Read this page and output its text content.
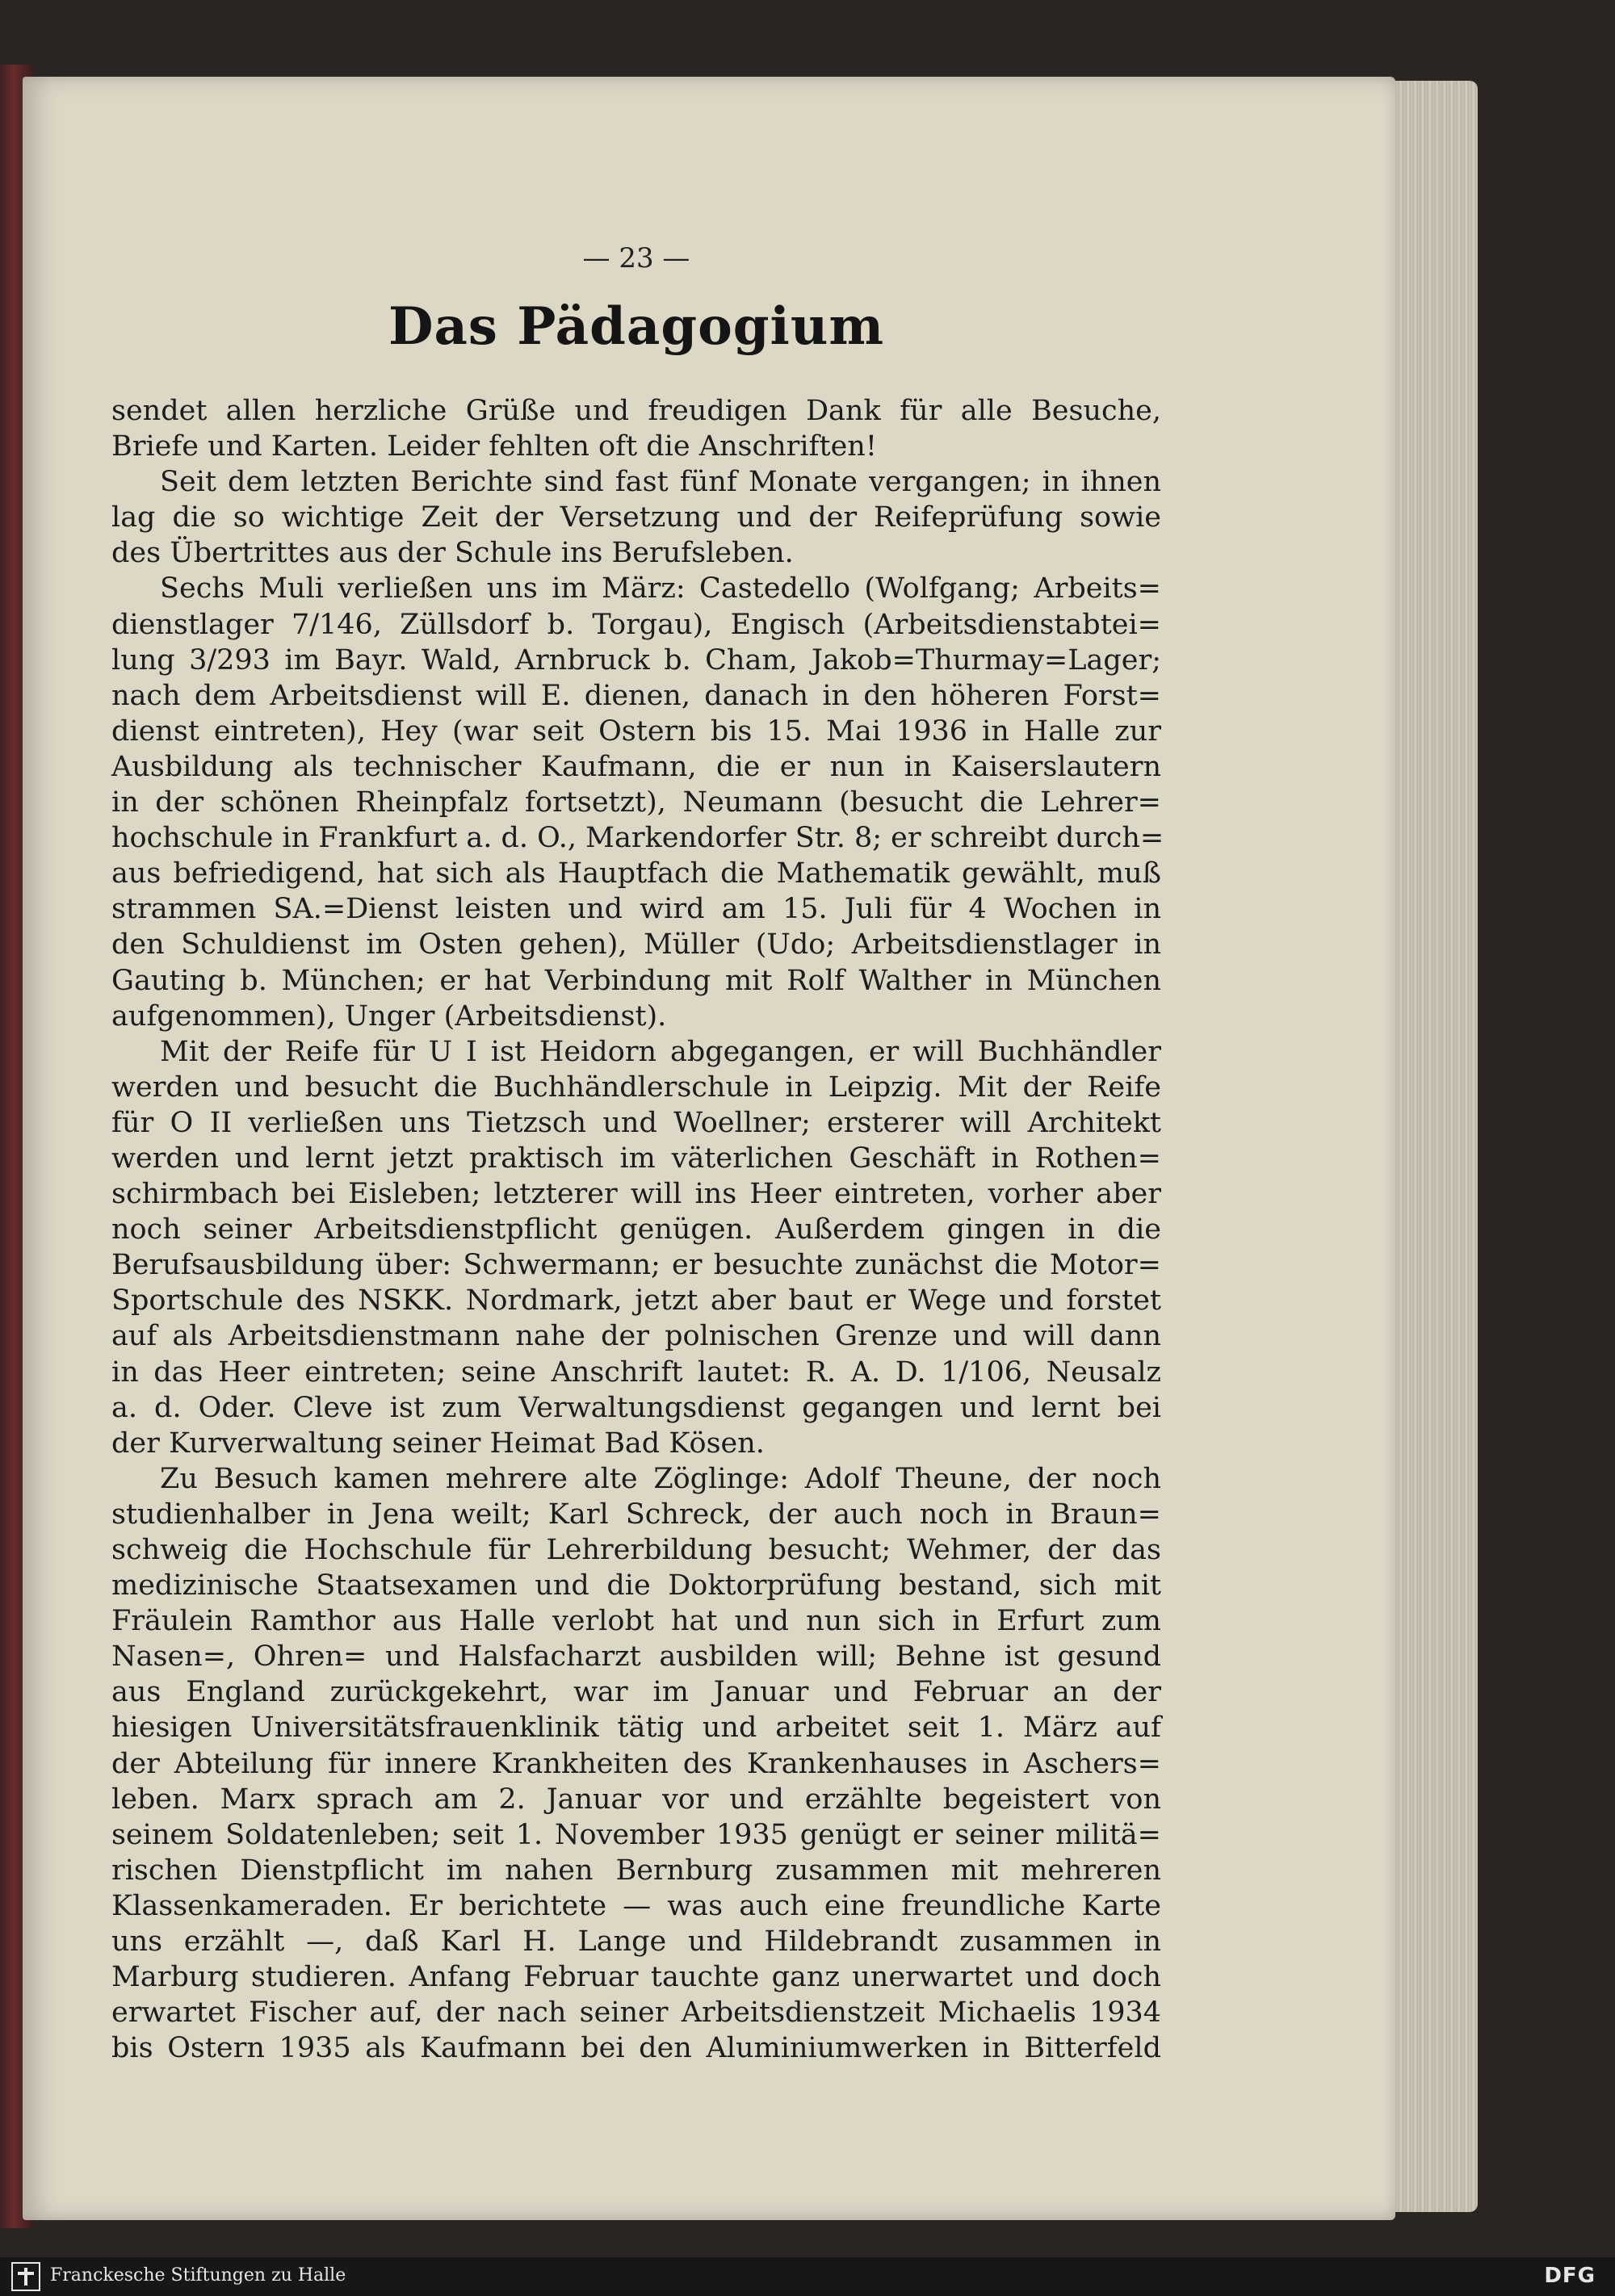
— 23 —
Das Pädagogium
sendet allen herzliche Grüße und freudigen Dank für alle Besuche,
Briefe und Karten. Leider fehlten oft die Anschriften!
Seit dem letzten Berichte sind fast fünf Monate vergangen; in ihnen
lag die so wichtige Zeit der Versetzung und der Reifeprüfung sowie
des Übertrittes aus der Schule ins Berufsleben.
Sechs Muli verließen uns im März: Castedello (Wolfgang; Arbeits=
dienstlager 7/146, Züllsdorf b. Torgau), Engisch (Arbeitsdienstabtei=
lung 3/293 im Bayr. Wald, Arnbruck b. Cham, Jakob=Thurmay=Lager;
nach dem Arbeitsdienst will E. dienen, danach in den höheren Forst=
dienst eintreten), Hey (war seit Ostern bis 15. Mai 1936 in Halle zur
Ausbildung als technischer Kaufmann, die er nun in Kaiserslautern
in der schönen Rheinpfalz fortsetzt), Neumann (besucht die Lehrer=
hochschule in Frankfurt a. d. O., Markendorfer Str. 8; er schreibt durch=
aus befriedigend, hat sich als Hauptfach die Mathematik gewählt, muß
strammen SA.=Dienst leisten und wird am 15. Juli für 4 Wochen in
den Schuldienst im Osten gehen), Müller (Udo; Arbeitsdienstlager in
Gauting b. München; er hat Verbindung mit Rolf Walther in München
aufgenommen), Unger (Arbeitsdienst).
Mit der Reife für U I ist Heidorn abgegangen, er will Buchhändler
werden und besucht die Buchhändlerschule in Leipzig. Mit der Reife
für O II verließen uns Tietzsch und Woellner; ersterer will Architekt
werden und lernt jetzt praktisch im väterlichen Geschäft in Rothen=
schirmbach bei Eisleben; letzterer will ins Heer eintreten, vorher aber
noch seiner Arbeitsdienstpflicht genügen. Außerdem gingen in die
Berufsausbildung über: Schwermann; er besuchte zunächst die Motor=
Sportschule des NSKK. Nordmark, jetzt aber baut er Wege und forstet
auf als Arbeitsdienstmann nahe der polnischen Grenze und will dann
in das Heer eintreten; seine Anschrift lautet: R. A. D. 1/106, Neusalz
a. d. Oder. Cleve ist zum Verwaltungsdienst gegangen und lernt bei
der Kurverwaltung seiner Heimat Bad Kösen.
Zu Besuch kamen mehrere alte Zöglinge: Adolf Theune, der noch
studienhalber in Jena weilt; Karl Schreck, der auch noch in Braun=
schweig die Hochschule für Lehrerbildung besucht; Wehmer, der das
medizinische Staatsexamen und die Doktorprüfung bestand, sich mit
Fräulein Ramthor aus Halle verlobt hat und nun sich in Erfurt zum
Nasen=, Ohren= und Halsfacharzt ausbilden will; Behne ist gesund
aus England zurückgekehrt, war im Januar und Februar an der
hiesigen Universitätsfrauenklinik tätig und arbeitet seit 1. März auf
der Abteilung für innere Krankheiten des Krankenhauses in Aschers=
leben. Marx sprach am 2. Januar vor und erzählte begeistert von
seinem Soldatenleben; seit 1. November 1935 genügt er seiner militä=
rischen Dienstpflicht im nahen Bernburg zusammen mit mehreren
Klassenkameraden. Er berichtete — was auch eine freundliche Karte
uns erzählt —, daß Karl H. Lange und Hildebrandt zusammen in
Marburg studieren. Anfang Februar tauchte ganz unerwartet und doch
erwartet Fischer auf, der nach seiner Arbeitsdienstzeit Michaelis 1934
bis Ostern 1935 als Kaufmann bei den Aluminiumwerken in Bitterfeld
Franckesche Stiftungen zu Halle	DFG
